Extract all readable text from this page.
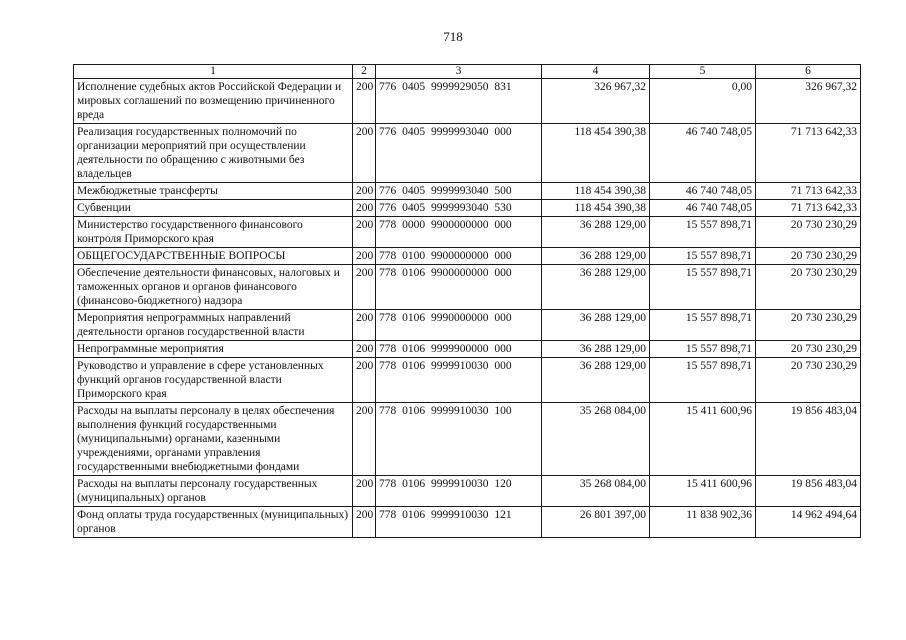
718
1	2	3	4	5	6
Исполнение судебных актов Российской Федерации и мировых соглашений по возмещению причиненного вреда	200	776 0405 9999929050 831	326 967,32	0,00	326 967,32
Реализация государственных полномочий по организации мероприятий при осуществлении деятельности по обращению с животными без владельцев	200	776 0405 9999993040 000	118 454 390,38	46 740 748,05	71 713 642,33
Межбюджетные трансферты	200	776 0405 9999993040 500	118 454 390,38	46 740 748,05	71 713 642,33
Субвенции	200	776 0405 9999993040 530	118 454 390,38	46 740 748,05	71 713 642,33
Министерство государственного финансового контроля Приморского края	200	778 0000 9900000000 000	36 288 129,00	15 557 898,71	20 730 230,29
ОБЩЕГОСУДАРСТВЕННЫЕ ВОПРОСЫ	200	778 0100 9900000000 000	36 288 129,00	15 557 898,71	20 730 230,29
Обеспечение деятельности финансовых, налоговых и таможенных органов и органов финансового (финансово-бюджетного) надзора	200	778 0106 9900000000 000	36 288 129,00	15 557 898,71	20 730 230,29
Мероприятия непрограммных направлений деятельности органов государственной власти	200	778 0106 9990000000 000	36 288 129,00	15 557 898,71	20 730 230,29
Непрограммные мероприятия	200	778 0106 9999900000 000	36 288 129,00	15 557 898,71	20 730 230,29
Руководство и управление в сфере установленных функций органов государственной власти Приморского края	200	778 0106 9999910030 000	36 288 129,00	15 557 898,71	20 730 230,29
Расходы на выплаты персоналу в целях обеспечения выполнения функций государственными (муниципальными) органами, казенными учреждениями, органами управления государственными внебюджетными фондами	200	778 0106 9999910030 100	35 268 084,00	15 411 600,96	19 856 483,04
Расходы на выплаты персоналу государственных (муниципальных) органов	200	778 0106 9999910030 120	35 268 084,00	15 411 600,96	19 856 483,04
Фонд оплаты труда государственных (муниципальных) органов	200	778 0106 9999910030 121	26 801 397,00	11 838 902,36	14 962 494,64
